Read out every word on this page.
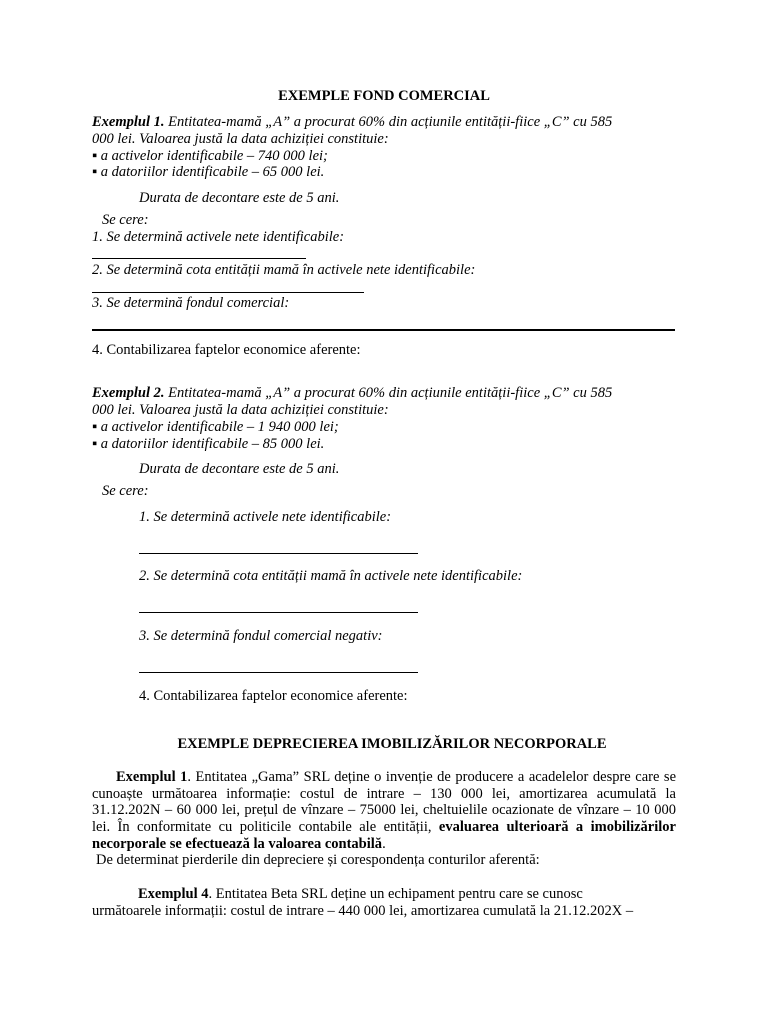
EXEMPLE FOND COMERCIAL
Exemplul 1. Entitatea-mamă „A” a procurat 60% din acțiunile entității-fiice „C” cu 585
000 lei. Valoarea justă la data achiziției constituie:
▪ a activelor identificabile – 740 000 lei;
▪ a datoriilor identificabile – 65 000 lei.
Durata de decontare este de 5 ani.
Se cere:
1. Se determină activele nete identificabile:
2. Se determină cota entității mamă în activele nete identificabile:
3. Se determină fondul comercial:
4. Contabilizarea faptelor economice aferente:
Exemplul 2. Entitatea-mamă „A” a procurat 60% din acțiunile entității-fiice „C” cu 585
000 lei. Valoarea justă la data achiziției constituie:
▪ a activelor identificabile – 1 940 000 lei;
▪ a datoriilor identificabile – 85 000 lei.
Durata de decontare este de 5 ani.
Se cere:
1. Se determină activele nete identificabile:
2. Se determină cota entității mamă în activele nete identificabile:
3. Se determină fondul comercial negativ:
4. Contabilizarea faptelor economice aferente:
EXEMPLE DEPRECIEREA IMOBILIZĂRILOR NECORPORALE
Exemplul 1. Entitatea „Gama” SRL deține o invenție de producere a acadelelor despre care se cunoaște următoarea informație: costul de intrare – 130 000 lei, amortizarea acumulată la 31.12.202N – 60 000 lei, prețul de vînzare – 75000 lei, cheltuielile ocazionate de vînzare – 10 000 lei. În conformitate cu politicile contabile ale entității, evaluarea ulterioară a imobilizărilor necorporale se efectuează la valoarea contabilă.
De determinat pierderile din depreciere și corespondența conturilor aferentă:
Exemplul 4. Entitatea Beta SRL deține un echipament pentru care se cunosc
următoarele informații: costul de intrare – 440 000 lei, amortizarea cumulată la 21.12.202X –
